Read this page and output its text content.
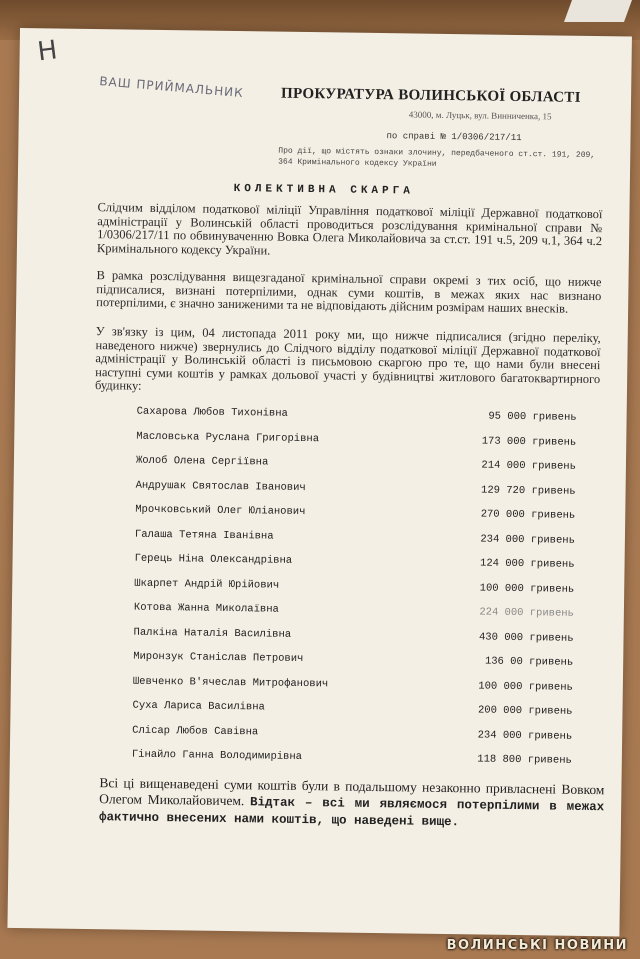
Н
ВАШ ПРИЙМАЛЬНИК ПРОКУРАТУРА ВОЛИНСЬКОЇ ОБЛАСТІ
43000, м. Луцьк, вул. Винниченка, 15
по справі № 1/0306/217/11
Про дії, що містять ознаки злочину, передбаченого ст.ст. 191, 209, 364 Кримінального кодексу України
КОЛЕКТИВНА СКАРГА
Слідчим відділом податкової міліції Управління податкової міліції Державної податкової адміністрації у Волинській області проводиться розслідування кримінальної справи № 1/0306/217/11 по обвинуваченню Вовка Олега Миколайовича за ст.ст. 191 ч.5, 209 ч.1, 364 ч.2 Кримінального кодексу України.
В рамка розслідування вищезгаданої кримінальної справи окремі з тих осіб, що нижче підписалися, визнані потерпілими, однак суми коштів, в межах яких нас визнано потерпілими, є значно заниженими та не відповідають дійсним розмірам наших внесків.
У зв'язку із цим, 04 листопада 2011 року ми, що нижче підписалися (згідно переліку, наведеного нижче) звернулись до Слідчого відділу податкової міліції Державної податкової адміністрації у Волинській області із письмовою скаргою про те, що нами були внесені наступні суми коштів у рамках дольової участі у будівництві житлового багатоквартирного будинку:
Сахарова Любов Тихонівна	95 000 гривень
Масловська Руслана Григорівна	173 000 гривень
Жолоб Олена Сергіївна	214 000 гривень
Андрушак Святослав Іванович	129 720 гривень
Мрочковський Олег Юліанович	270 000 гривень
Галаша Тетяна Іванівна	234 000 гривень
Герець Ніна Олександрівна	124 000 гривень
Шкарпет Андрій Юрійович	100 000 гривень
Котова Жанна Миколаївна	224 000 гривень
Палкіна Наталія Василівна	430 000 гривень
Миронзук Станіслав Петрович	136 00 гривень
Шевченко В'ячеслав Митрофанович	100 000 гривень
Суха Лариса Василівна	200 000 гривень
Слісар Любов Савівна	234 000 гривень
Гінайло Ганна Володимирівна	118 800 гривень
Всі ці вищенаведені суми коштів були в подальшому незаконно привласнені Вовком Олегом Миколайовичем. Відтак – всі ми являємося потерпілими в межах фактично внесених нами коштів, що наведені вище.
ВОЛИНСЬКІ НОВИНИ
